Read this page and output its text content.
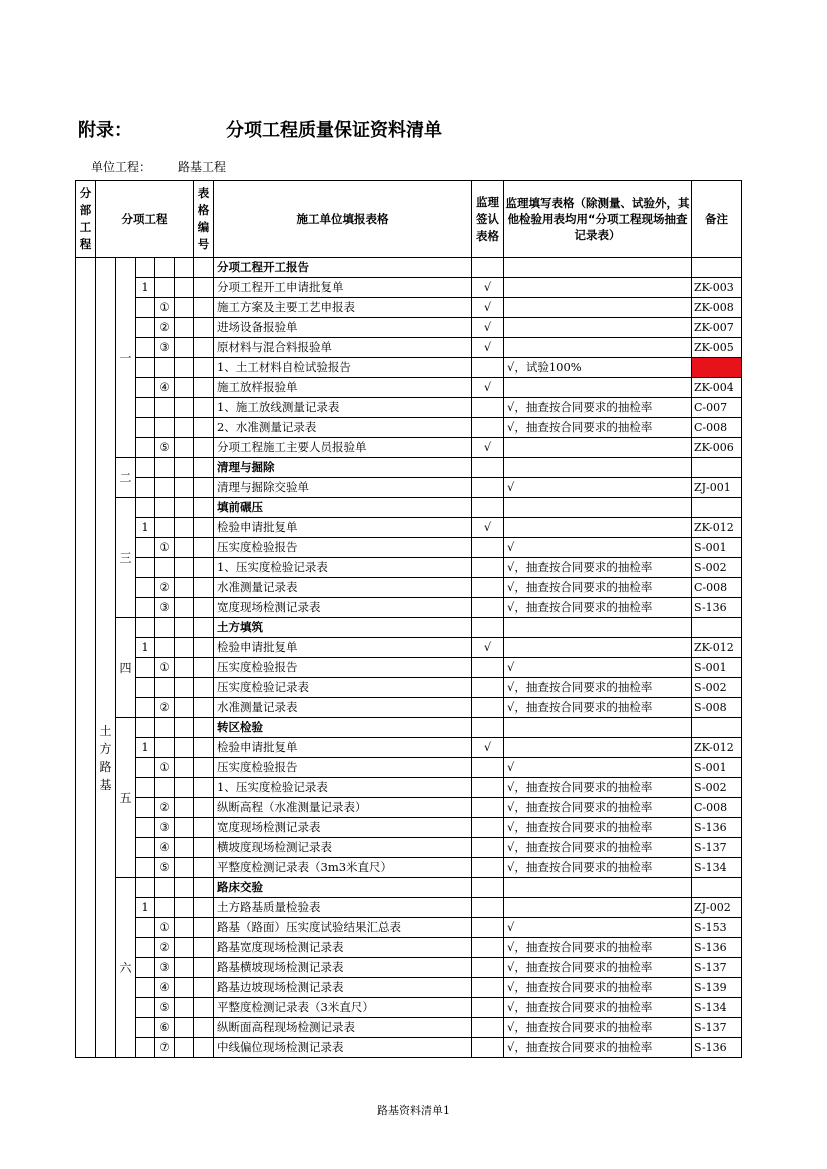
附录：	分项工程质量保证资料清单
单位工程： 路基工程
分部工程	分项工程					表格编号	施工单位填报表格	监理签认表格	监理填写表格（除测量、试验外，其他检验用表均用“分项工程现场抽查记录表）	备注
	土方路基	一					分项工程开工报告			
			1				分项工程开工申请批复单	√		ZK-003
				①			施工方案及主要工艺申报表	√		ZK-008
				②			进场设备报验单	√		ZK-007
				③			原材料与混合料报验单	√		ZK-005
							1、土工材料自检试验报告		√，试验100%	
				④			施工放样报验单	√		ZK-004
							1、施工放线测量记录表		√，抽查按合同要求的抽检率	C-007
							2、水准测量记录表		√，抽查按合同要求的抽检率	C-008
				⑤			分项工程施工主要人员报验单	√		ZK-006
		二					清理与掘除			
							清理与掘除交验单		√	ZJ-001
		三					填前碾压			
			1				检验申请批复单	√		ZK-012
				①			压实度检验报告		√	S-001
							1、压实度检验记录表		√，抽查按合同要求的抽检率	S-002
				②			水准测量记录表		√，抽查按合同要求的抽检率	C-008
				③			宽度现场检测记录表		√，抽查按合同要求的抽检率	S-136
		四					土方填筑			
			1				检验申请批复单	√		ZK-012
				①			压实度检验报告		√	S-001
							压实度检验记录表		√，抽查按合同要求的抽检率	S-002
				②			水准测量记录表		√，抽查按合同要求的抽检率	S-008
		五					转区检验			
			1				检验申请批复单	√		ZK-012
				①			压实度检验报告		√	S-001
							1、压实度检验记录表		√，抽查按合同要求的抽检率	S-002
				②			纵断高程（水准测量记录表）		√，抽查按合同要求的抽检率	C-008
				③			宽度现场检测记录表		√，抽查按合同要求的抽检率	S-136
				④			横坡度现场检测记录表		√，抽查按合同要求的抽检率	S-137
				⑤			平整度检测记录表（3m3米直尺）		√，抽查按合同要求的抽检率	S-134
		六					路床交验			
			1				土方路基质量检验表			ZJ-002
				①			路基（路面）压实度试验结果汇总表		√	S-153
				②			路基宽度现场检测记录表		√，抽查按合同要求的抽检率	S-136
				③			路基横坡现场检测记录表		√，抽查按合同要求的抽检率	S-137
				④			路基边坡现场检测记录表		√，抽查按合同要求的抽检率	S-139
				⑤			平整度检测记录表（3米直尺）		√，抽查按合同要求的抽检率	S-134
				⑥			纵断面高程现场检测记录表		√，抽查按合同要求的抽检率	S-137
				⑦			中线偏位现场检测记录表		√，抽查按合同要求的抽检率	S-136
路基资料清单1
